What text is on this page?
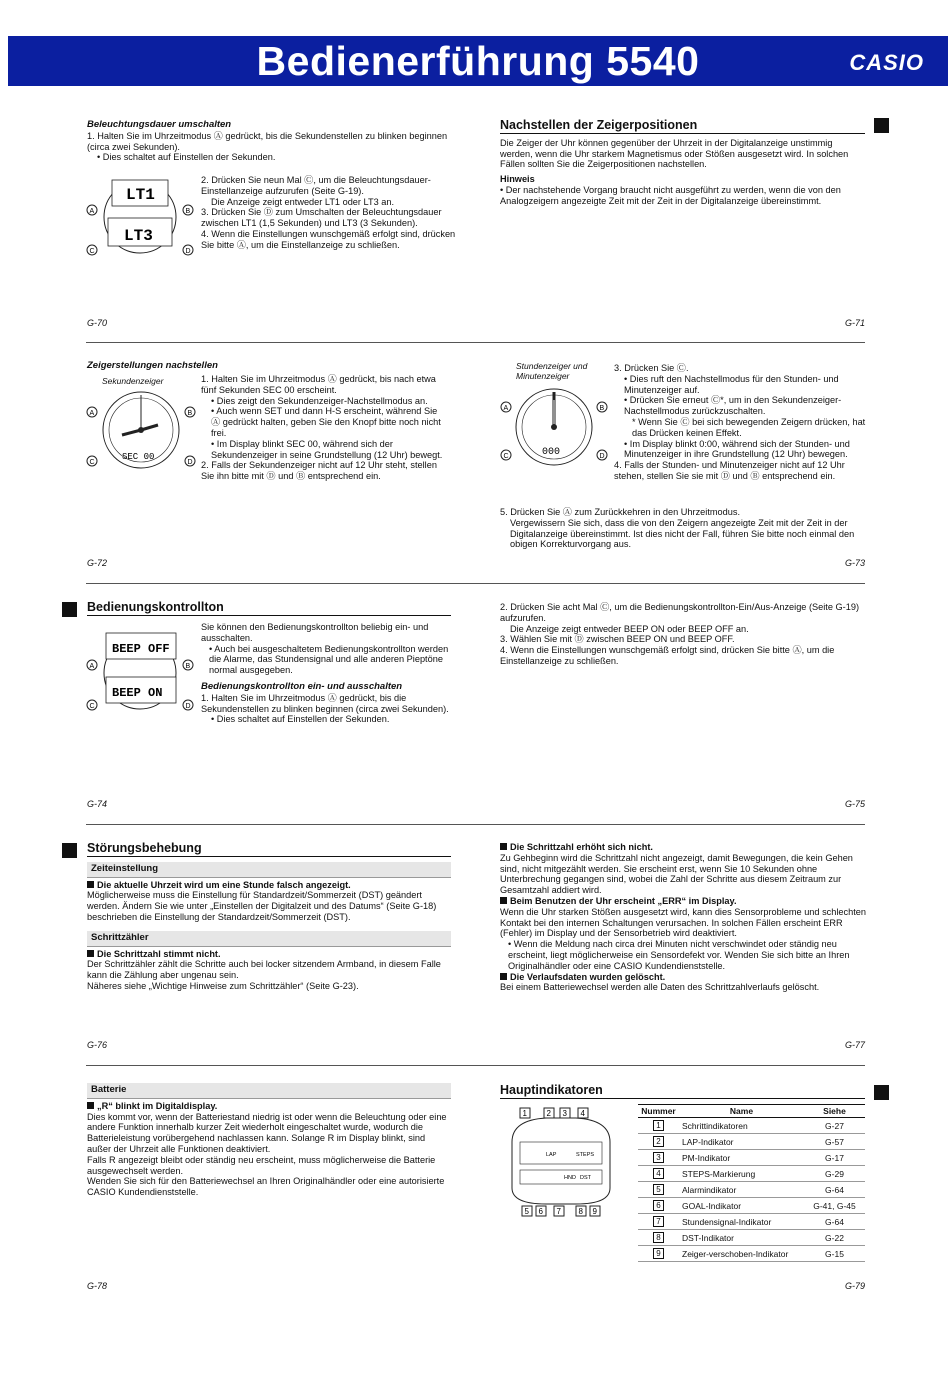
Bedienerführung 5540	CASIO
Beleuchtungsdauer umschalten

1. Halten Sie im Uhrzeitmodus Ⓐ gedrückt, bis die Sekundenstellen zu blinken beginnen (circa zwei Sekunden).

• Dies schaltet auf Einstellen der Sekunden.

LT1
LT3
A	B
C	D

2. Drücken Sie neun Mal Ⓒ, um die Beleuchtungsdauer-Einstellanzeige aufzurufen (Seite G-19).

Die Anzeige zeigt entweder LT1 oder LT3 an.

3. Drücken Sie Ⓓ zum Umschalten der Beleuchtungsdauer zwischen LT1 (1,5 Sekunden) und LT3 (3 Sekunden).

4. Wenn die Einstellungen wunschgemäß erfolgt sind, drücken Sie bitte Ⓐ, um die Einstellanzeige zu schließen.

G-70
Nachstellen der Zeigerpositionen

Die Zeiger der Uhr können gegenüber der Uhrzeit in der Digitalanzeige unstimmig werden, wenn die Uhr starkem Magnetismus oder Stößen ausgesetzt wird. In solchen Fällen sollten Sie die Zeigerpositionen nachstellen.

Hinweis

• Der nachstehende Vorgang braucht nicht ausgeführt zu werden, wenn die von den Analogzeigern angezeigte Zeit mit der Zeit in der Digitalanzeige übereinstimmt.

G-71
Zeigerstellungen nachstellen
Sekundenzeiger
SEC 00
A	B
C	D

1. Halten Sie im Uhrzeitmodus Ⓐ gedrückt, bis nach etwa fünf Sekunden SEC 00 erscheint.

• Dies zeigt den Sekundenzeiger-Nachstellmodus an.

• Auch wenn SET und dann H-S erscheint, während Sie Ⓐ gedrückt halten, geben Sie den Knopf bitte noch nicht frei.

• Im Display blinkt SEC 00, während sich der Sekundenzeiger in seine Grundstellung (12 Uhr) bewegt.

2. Falls der Sekundenzeiger nicht auf 12 Uhr steht, stellen Sie ihn bitte mit Ⓓ und Ⓑ entsprechend ein.

G-72
Stundenzeiger und Minutenzeiger
000
A	B
C	D

3. Drücken Sie Ⓒ.

• Dies ruft den Nachstellmodus für den Stunden- und Minutenzeiger auf.

• Drücken Sie erneut Ⓒ*, um in den Sekundenzeiger-Nachstellmodus zurückzuschalten.

* Wenn Sie Ⓒ bei sich bewegenden Zeigern drücken, hat das Drücken keinen Effekt.

• Im Display blinkt 0:00, während sich der Stunden- und Minutenzeiger in ihre Grundstellung (12 Uhr) bewegen.

4. Falls der Stunden- und Minutenzeiger nicht auf 12 Uhr stehen, stellen Sie sie mit Ⓓ und Ⓑ entsprechend ein.

5. Drücken Sie Ⓐ zum Zurückkehren in den Uhrzeitmodus.

Vergewissern Sie sich, dass die von den Zeigern angezeigte Zeit mit der Zeit in der Digitalanzeige übereinstimmt. Ist dies nicht der Fall, führen Sie bitte noch einmal den obigen Korrekturvorgang aus.

G-73
Bedienungskontrollton
BEEP OFF
BEEP ON
A	B
C	D

Sie können den Bedienungskontrollton beliebig ein- und ausschalten.

• Auch bei ausgeschaltetem Bedienungskontrollton werden die Alarme, das Stundensignal und alle anderen Pieptöne normal ausgegeben.

Bedienungskontrollton ein- und ausschalten

1. Halten Sie im Uhrzeitmodus Ⓐ gedrückt, bis die Sekundenstellen zu blinken beginnen (circa zwei Sekunden).

• Dies schaltet auf Einstellen der Sekunden.

G-74

2. Drücken Sie acht Mal Ⓒ, um die Bedienungskontrollton-Ein/Aus-Anzeige (Seite G-19) aufzurufen.

Die Anzeige zeigt entweder BEEP ON oder BEEP OFF an.

3. Wählen Sie mit Ⓓ zwischen BEEP ON und BEEP OFF.

4. Wenn die Einstellungen wunschgemäß erfolgt sind, drücken Sie bitte Ⓐ, um die Einstellanzeige zu schließen.

G-75
Störungsbehebung
Zeiteinstellung

Die aktuelle Uhrzeit wird um eine Stunde falsch angezeigt.

Möglicherweise muss die Einstellung für Standardzeit/Sommerzeit (DST) geändert werden. Ändern Sie wie unter „Einstellen der Digitalzeit und des Datums“ (Seite G-18) beschrieben die Einstellung der Standardzeit/Sommerzeit (DST).

Schrittzähler

Die Schrittzahl stimmt nicht.

Der Schrittzähler zählt die Schritte auch bei locker sitzendem Armband, in diesem Falle kann die Zählung aber ungenau sein.

Näheres siehe „Wichtige Hinweise zum Schrittzähler“ (Seite G-23).

G-76

Die Schrittzahl erhöht sich nicht.

Zu Gehbeginn wird die Schrittzahl nicht angezeigt, damit Bewegungen, die kein Gehen sind, nicht mitgezählt werden. Sie erscheint erst, wenn Sie 10 Sekunden ohne Unterbrechung gegangen sind, wobei die Zahl der Schritte aus diesem Zeitraum zur Gesamtzahl addiert wird.

Beim Benutzen der Uhr erscheint „ERR“ im Display.

Wenn die Uhr starken Stößen ausgesetzt wird, kann dies Sensorprobleme und schlechten Kontakt bei den internen Schaltungen verursachen. In solchen Fällen erscheint ERR (Fehler) im Display und der Sensorbetrieb wird deaktiviert.

• Wenn die Meldung nach circa drei Minuten nicht verschwindet oder ständig neu erscheint, liegt möglicherweise ein Sensordefekt vor. Wenden Sie sich bitte an Ihren Originalhändler oder eine CASIO Kundendienststelle.

Die Verlaufsdaten wurden gelöscht.

Bei einem Batteriewechsel werden alle Daten des Schrittzahlverlaufs gelöscht.

G-77
Batterie

„R“ blinkt im Digitaldisplay.

Dies kommt vor, wenn der Batteriestand niedrig ist oder wenn die Beleuchtung oder eine andere Funktion innerhalb kurzer Zeit wiederholt eingeschaltet wurde, wodurch die Batterieleistung vorübergehend nachlassen kann. Solange R im Display blinkt, sind außer der Uhrzeit alle Funktionen deaktiviert.

Falls R angezeigt bleibt oder ständig neu erscheint, muss möglicherweise die Batterie ausgewechselt werden.

Wenden Sie sich für den Batteriewechsel an Ihren Originalhändler oder eine autorisierte CASIO Kundendienststelle.

G-78
Hauptindikatoren
1 2 3 4
5 6 7 8 9
LAP	STEPS
HND DST
Nummer	Name	Siehe
1	Schrittindikatoren	G-27
2	LAP-Indikator	G-57
3	PM-Indikator	G-17
4	STEPS-Markierung	G-29
5	Alarmindikator	G-64
6	GOAL-Indikator	G-41, G-45
7	Stundensignal-Indikator	G-64
8	DST-Indikator	G-22
9	Zeiger-verschoben-Indikator	G-15
G-79
